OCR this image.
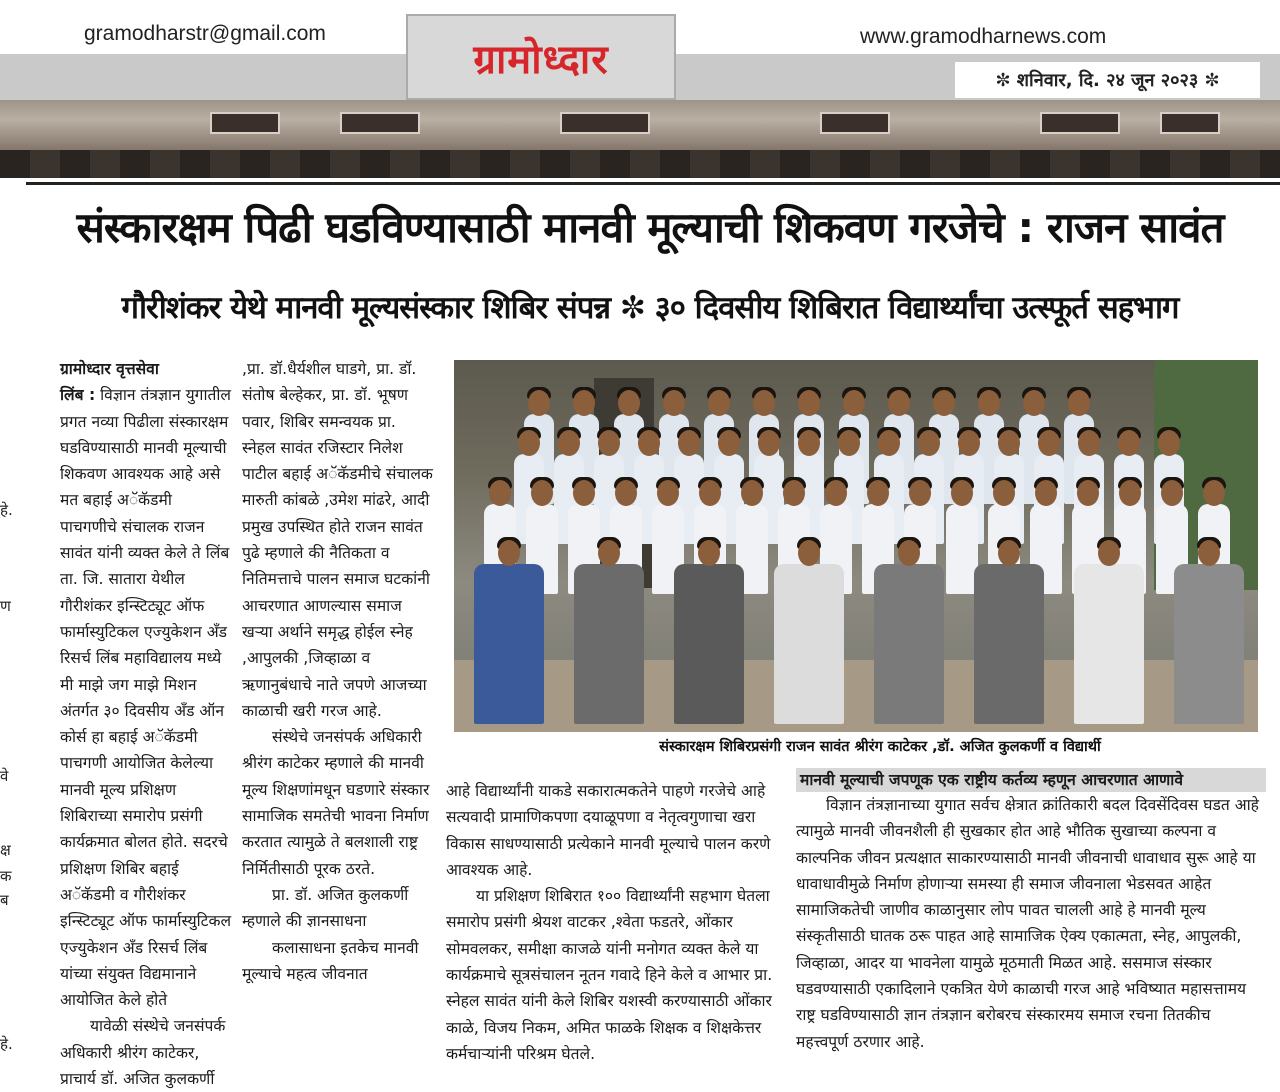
gramodharstr@gmail.com	www.gramodharnews.com
ग्रामोध्दार	✼ शनिवार, दि. २४ जून २०२३ ✼
संस्कारक्षम पिढी घडविण्यासाठी मानवी मूल्याची शिकवण गरजेचे : राजन सावंत
गौरीशंकर येथे मानवी मूल्यसंस्कार शिबिर संपन्न ✼ ३० दिवसीय शिबिरात विद्यार्थ्यांचा उत्स्फूर्त सहभाग
हे.
ण
वे
क्ष
क
ब
हे.

ग्रामोध्दार वृत्तसेवा

लिंब : विज्ञान तंत्रज्ञान युगातील प्रगत नव्या पिढीला संस्कारक्षम घडविण्यासाठी मानवी मूल्याची शिकवण आवश्यक आहे असे मत बहाई अॅकॅडमी पाचगणीचे संचालक राजन सावंत यांनी व्यक्त केले ते लिंब ता. जि. सातारा येथील गौरीशंकर इन्स्टिट्यूट ऑफ फार्मास्युटिकल एज्युकेशन अँड रिसर्च लिंब महाविद्यालय मध्ये मी माझे जग माझे मिशन अंतर्गत ३० दिवसीय अँड ऑन कोर्स हा बहाई अॅकॅडमी पाचगणी आयोजित केलेल्या मानवी मूल्य प्रशिक्षण शिबिराच्या समारोप प्रसंगी कार्यक्रमात बोलत होते. सदरचे प्रशिक्षण शिबिर बहाई अॅकॅडमी व गौरीशंकर इन्स्टिट्यूट ऑफ फार्मास्युटिकल एज्युकेशन अँड रिसर्च लिंब यांच्या संयुक्त विद्यमानाने आयोजित केले होते

यावेळी संस्थेचे जनसंपर्क अधिकारी श्रीरंग काटेकर, प्राचार्य डॉ. अजित कुलकर्णी

,प्रा. डॉ.धैर्यशील घाडगे, प्रा. डॉ. संतोष बेल्हेकर, प्रा. डॉ. भूषण पवार, शिबिर समन्वयक प्रा. स्नेहल सावंत रजिस्टार निलेश पाटील बहाई अॅकॅडमीचे संचालक मारुती कांबळे ,उमेश मांढरे, आदी प्रमुख उपस्थित होते राजन सावंत पुढे म्हणाले की नैतिकता व नितिमत्ताचे पालन समाज घटकांनी आचरणात आणल्यास समाज खऱ्या अर्थाने समृद्ध होईल स्नेह ,आपुलकी ,जिव्हाळा व ऋणानुबंधाचे नाते जपणे आजच्या काळाची खरी गरज आहे.

संस्थेचे जनसंपर्क अधिकारी श्रीरंग काटेकर म्हणाले की मानवी मूल्य शिक्षणांमधून घडणारे संस्कार सामाजिक समतेची भावना निर्माण करतात त्यामुळे ते बलशाली राष्ट्र निर्मितीसाठी पूरक ठरते.

प्रा. डॉ. अजित कुलकर्णी म्हणाले की ज्ञानसाधना

कलासाधना इतकेच मानवी मूल्याचे महत्व जीवनात

संस्कारक्षम शिबिरप्रसंगी राजन सावंत श्रीरंग काटेकर ,डॉ. अजित कुलकर्णी व विद्यार्थी

आहे विद्यार्थ्यांनी याकडे सकारात्मकतेने पाहणे गरजेचे आहे सत्यवादी प्रामाणिकपणा दयाळूपणा व नेतृत्वगुणाचा खरा विकास साधण्यासाठी प्रत्येकाने मानवी मूल्याचे पालन करणे आवश्यक आहे.

या प्रशिक्षण शिबिरात १०० विद्यार्थ्यांनी सहभाग घेतला समारोप प्रसंगी श्रेयश वाटकर ,श्वेता फडतरे, ओंकार सोमवलकर, समीक्षा काजळे यांनी मनोगत व्यक्त केले या कार्यक्रमाचे सूत्रसंचालन नूतन गवादे हिने केले व आभार प्रा. स्नेहल सावंत यांनी केले शिबिर यशस्वी करण्यासाठी ओंकार काळे, विजय निकम, अमित फाळके शिक्षक व शिक्षकेत्तर कर्मचाऱ्यांनी परिश्रम घेतले.

मानवी मूल्याची जपणूक एक राष्ट्रीय कर्तव्य म्हणून आचरणात आणावे

विज्ञान तंत्रज्ञानाच्या युगात सर्वच क्षेत्रात क्रांतिकारी बदल दिवसेंदिवस घडत आहे त्यामुळे मानवी जीवनशैली ही सुखकार होत आहे भौतिक सुखाच्या कल्पना व काल्पनिक जीवन प्रत्यक्षात साकारण्यासाठी मानवी जीवनाची धावाधाव सुरू आहे या धावाधावीमुळे निर्माण होणाऱ्या समस्या ही समाज जीवनाला भेडसवत आहेत सामाजिकतेची जाणीव काळानुसार लोप पावत चालली आहे हे मानवी मूल्य संस्कृतीसाठी घातक ठरू पाहत आहे सामाजिक ऐक्य एकात्मता, स्नेह, आपुलकी, जिव्हाळा, आदर या भावनेला यामुळे मूठमाती मिळत आहे. ससमाज संस्कार घडवण्यासाठी एकादिलाने एकत्रित येणे काळाची गरज आहे भविष्यात महासत्तामय राष्ट्र घडविण्यासाठी ज्ञान तंत्रज्ञान बरोबरच संस्कारमय समाज रचना तितकीच महत्त्वपूर्ण ठरणार आहे.
